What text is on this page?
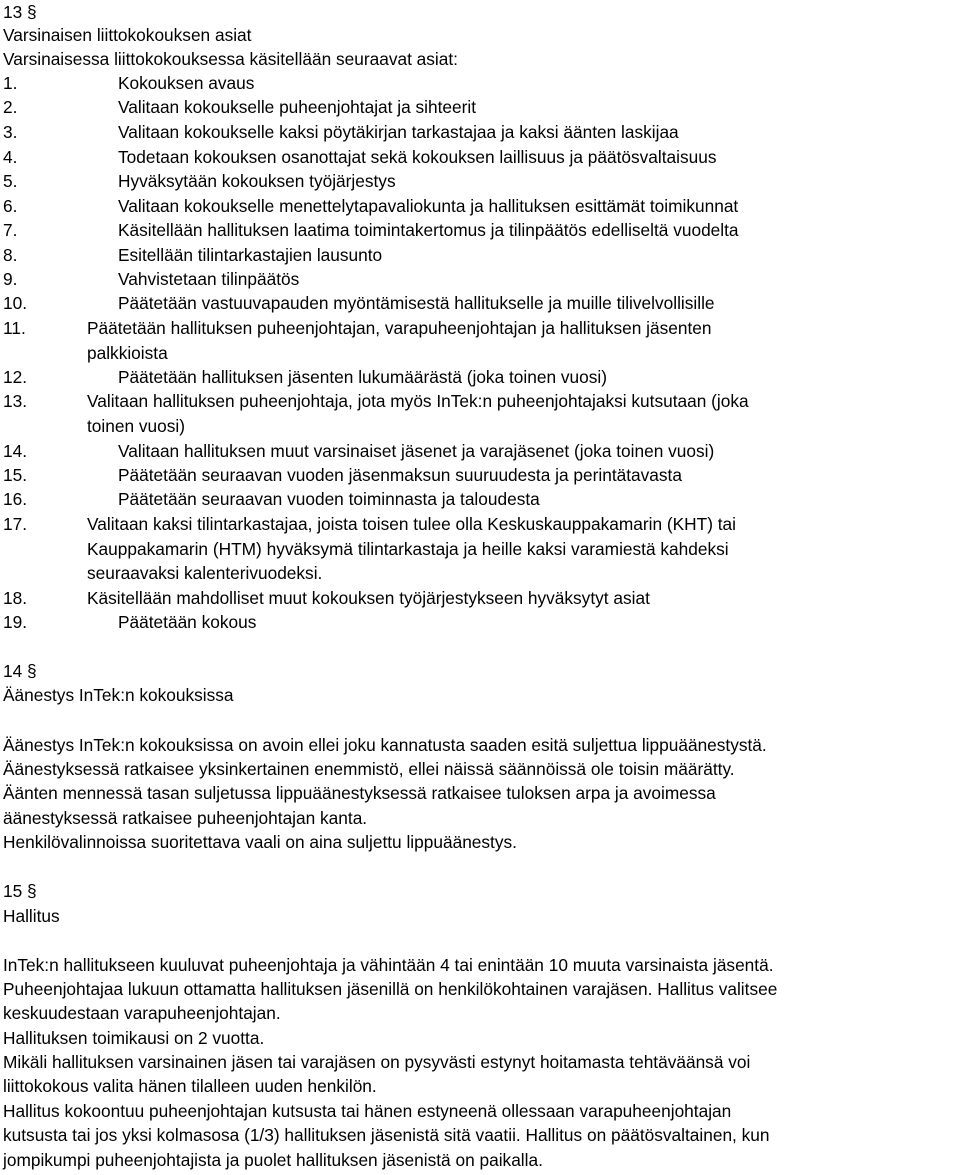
13 §
Varsinaisen liittokokouksen asiat
Varsinaisessa liittokokouksessa käsitellään seuraavat asiat:
1.	Kokouksen avaus
2.	Valitaan kokoukselle puheenjohtajat ja sihteerit
3.	Valitaan kokoukselle kaksi pöytäkirjan tarkastajaa ja kaksi äänten laskijaa
4.	Todetaan kokouksen osanottajat sekä kokouksen laillisuus ja päätösvaltaisuus
5.	Hyväksytään kokouksen työjärjestys
6.	Valitaan kokoukselle menettelytapavaliokunta ja hallituksen esittämät toimikunnat
7.	Käsitellään hallituksen laatima toimintakertomus ja tilinpäätös edelliseltä vuodelta
8.	Esitellään tilintarkastajien lausunto
9.	Vahvistetaan tilinpäätös
10.	Päätetään vastuuvapauden myöntämisestä hallitukselle ja muille tilivelvollisille
11.	Päätetään hallituksen puheenjohtajan, varapuheenjohtajan ja hallituksen jäsenten
palkkioista
12.	Päätetään hallituksen jäsenten lukumäärästä (joka toinen vuosi)
13.	Valitaan hallituksen puheenjohtaja, jota myös InTek:n puheenjohtajaksi kutsutaan (joka
toinen vuosi)
14.	Valitaan hallituksen muut varsinaiset jäsenet ja varajäsenet (joka toinen vuosi)
15.	Päätetään seuraavan vuoden jäsenmaksun suuruudesta ja perintätavasta
16.	Päätetään seuraavan vuoden toiminnasta ja taloudesta
17.	Valitaan kaksi tilintarkastajaa, joista toisen tulee olla Keskuskauppakamarin (KHT) tai
Kauppakamarin (HTM) hyväksymä tilintarkastaja ja heille kaksi varamiestä kahdeksi
seuraavaksi kalenterivuodeksi.
18.	Käsitellään mahdolliset muut kokouksen työjärjestykseen hyväksytyt asiat
19.	Päätetään kokous
14 §
Äänestys InTek:n kokouksissa
Äänestys InTek:n kokouksissa on avoin ellei joku kannatusta saaden esitä suljettua lippuäänestystä.
Äänestyksessä ratkaisee yksinkertainen enemmistö, ellei näissä säännöissä ole toisin määrätty.
Äänten mennessä tasan suljetussa lippuäänestyksessä ratkaisee tuloksen arpa ja avoimessa
äänestyksessä ratkaisee puheenjohtajan kanta.
Henkilövalinnoissa suoritettava vaali on aina suljettu lippuäänestys.
15 §
Hallitus
InTek:n hallitukseen kuuluvat puheenjohtaja ja vähintään 4 tai enintään 10 muuta varsinaista jäsentä.
Puheenjohtajaa lukuun ottamatta hallituksen jäsenillä on henkilökohtainen varajäsen. Hallitus valitsee
keskuudestaan varapuheenjohtajan.
Hallituksen toimikausi on 2 vuotta.
Mikäli hallituksen varsinainen jäsen tai varajäsen on pysyvästi estynyt hoitamasta tehtäväänsä voi
liittokokous valita hänen tilalleen uuden henkilön.
Hallitus kokoontuu puheenjohtajan kutsusta tai hänen estyneenä ollessaan varapuheenjohtajan
kutsusta tai jos yksi kolmasosa (1/3) hallituksen jäsenistä sitä vaatii. Hallitus on päätösvaltainen, kun
jompikumpi puheenjohtajista ja puolet hallituksen jäsenistä on paikalla.
